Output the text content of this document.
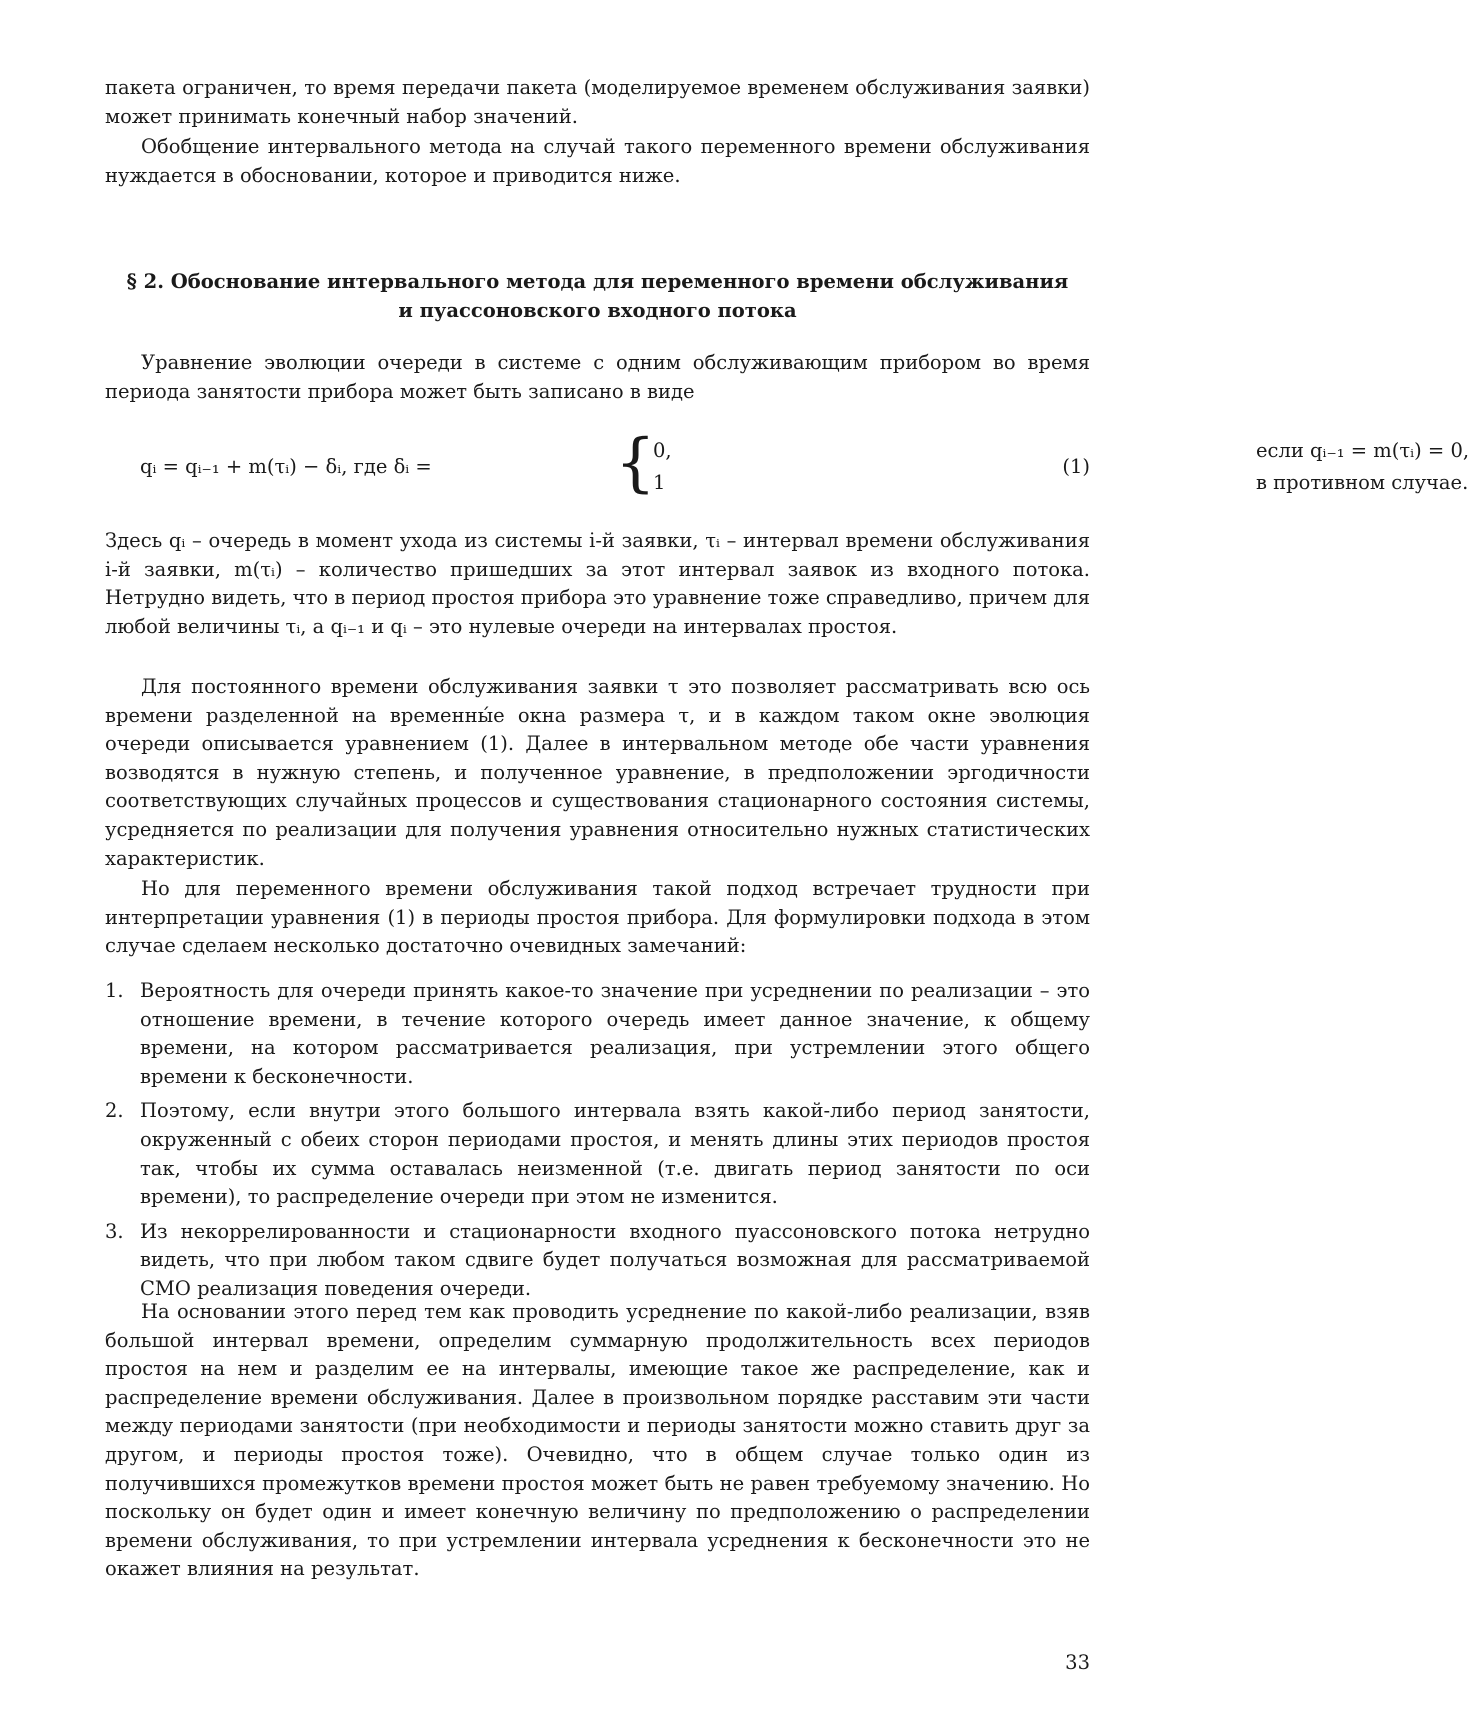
пакета ограничен, то время передачи пакета (моделируемое временем обслуживания заявки) может принимать конечный набор значений.

Обобщение интервального метода на случай такого переменного времени обслуживания нуждается в обосновании, которое и приводится ниже.

§ 2. Обоснование интервального метода для переменного времени обслуживания
и пуассоновского входного потока

Уравнение эволюции очереди в системе с одним обслуживающим прибором во время периода занятости прибора может быть записано в виде

qᵢ = qᵢ₋₁ + m(τᵢ) − δᵢ, где δᵢ =	{
0,	если qᵢ₋₁ = m(τᵢ) = 0,
1	в противном случае.
(1)

Здесь qᵢ – очередь в момент ухода из системы i-й заявки, τᵢ – интервал времени обслуживания i-й заявки, m(τᵢ) – количество пришедших за этот интервал заявок из входного потока. Нетрудно видеть, что в период простоя прибора это уравнение тоже справедливо, причем для любой величины τᵢ, а qᵢ₋₁ и qᵢ – это нулевые очереди на интервалах простоя.

Для постоянного времени обслуживания заявки τ это позволяет рассматривать всю ось времени разделенной на временны́е окна размера τ, и в каждом таком окне эволюция очереди описывается уравнением (1). Далее в интервальном методе обе части уравнения возводятся в нужную степень, и полученное уравнение, в предположении эргодичности соответствующих случайных процессов и существования стационарного состояния системы, усредняется по реализации для получения уравнения относительно нужных статистических характеристик.

Но для переменного времени обслуживания такой подход встречает трудности при интерпретации уравнения (1) в периоды простоя прибора. Для формулировки подхода в этом случае сделаем несколько достаточно очевидных замечаний:

1. Вероятность для очереди принять какое-то значение при усреднении по реализации – это отношение времени, в течение которого очередь имеет данное значение, к общему времени, на котором рассматривается реализация, при устремлении этого общего времени к бесконечности.
2. Поэтому, если внутри этого большого интервала взять какой-либо период занятости, окруженный с обеих сторон периодами простоя, и менять длины этих периодов простоя так, чтобы их сумма оставалась неизменной (т.е. двигать период занятости по оси времени), то распределение очереди при этом не изменится.
3. Из некоррелированности и стационарности входного пуассоновского потока нетрудно видеть, что при любом таком сдвиге будет получаться возможная для рассматриваемой СМО реализация поведения очереди.

На основании этого перед тем как проводить усреднение по какой-либо реализации, взяв большой интервал времени, определим суммарную продолжительность всех периодов простоя на нем и разделим ее на интервалы, имеющие такое же распределение, как и распределение времени обслуживания. Далее в произвольном порядке расставим эти части между периодами занятости (при необходимости и периоды занятости можно ставить друг за другом, и периоды простоя тоже). Очевидно, что в общем случае только один из получившихся промежутков времени простоя может быть не равен требуемому значению. Но поскольку он будет один и имеет конечную величину по предположению о распределении времени обслуживания, то при устремлении интервала усреднения к бесконечности это не окажет влияния на результат.

33
